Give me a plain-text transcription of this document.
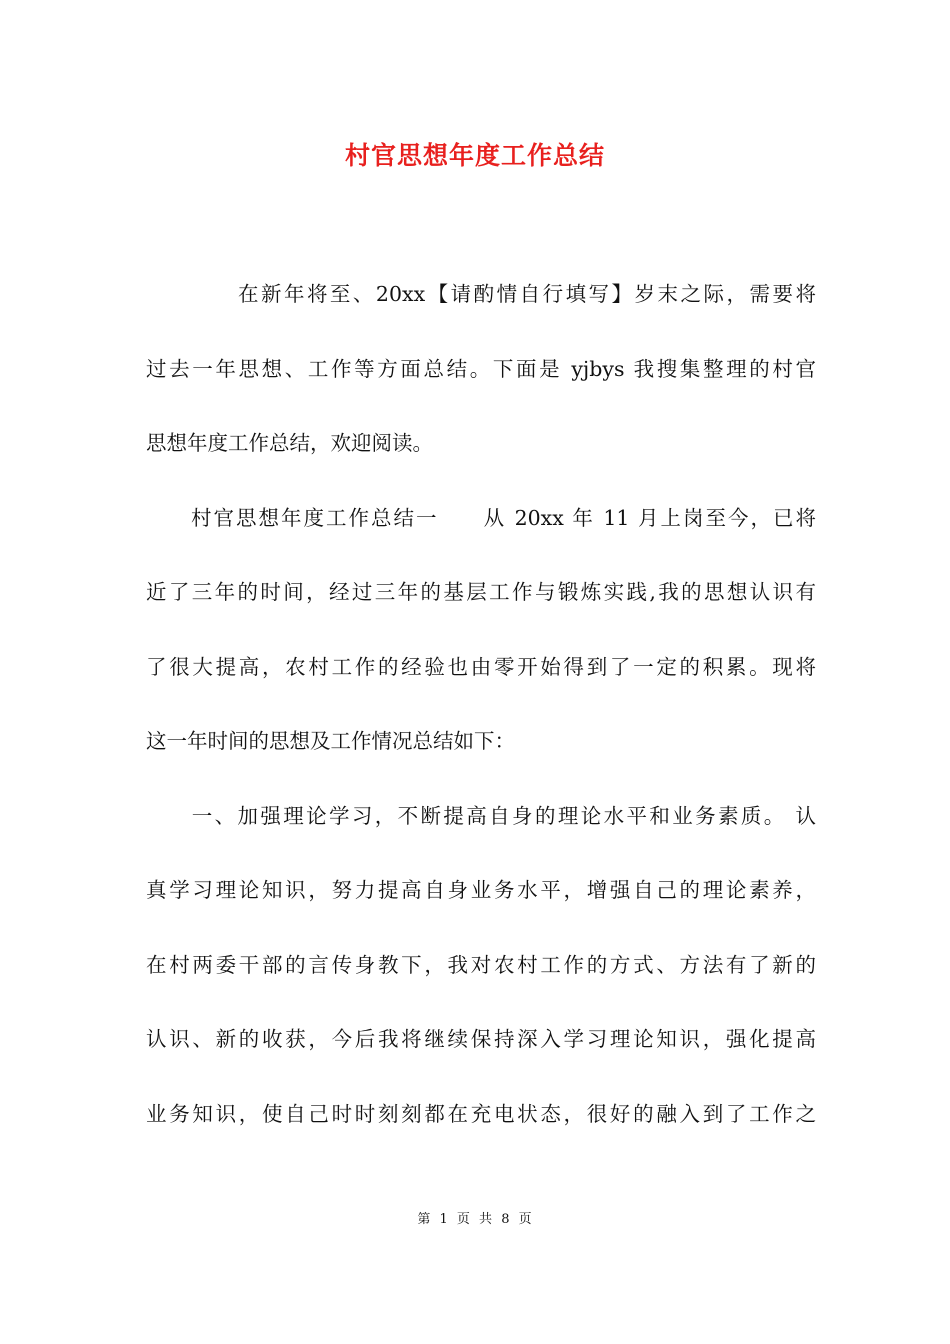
村官思想年度工作总结
　　　　在新年将至、20xx【请酌情自行填写】岁末之际，需要将
过去一年思想、工作等方面总结。下面是 yjbys 我搜集整理的村官
思想年度工作总结，欢迎阅读。
　　村官思想年度工作总结一　　从 20xx 年 11 月上岗至今，已将
近了三年的时间，经过三年的基层工作与锻炼实践,我的思想认识有
了很大提高，农村工作的经验也由零开始得到了一定的积累。现将
这一年时间的思想及工作情况总结如下：
　　一、加强理论学习，不断提高自身的理论水平和业务素质。 认
真学习理论知识，努力提高自身业务水平，增强自己的理论素养，
在村两委干部的言传身教下，我对农村工作的方式、方法有了新的
认识、新的收获，今后我将继续保持深入学习理论知识，强化提高
业务知识，使自己时时刻刻都在充电状态，很好的融入到了工作之
第 1 页 共 8 页
